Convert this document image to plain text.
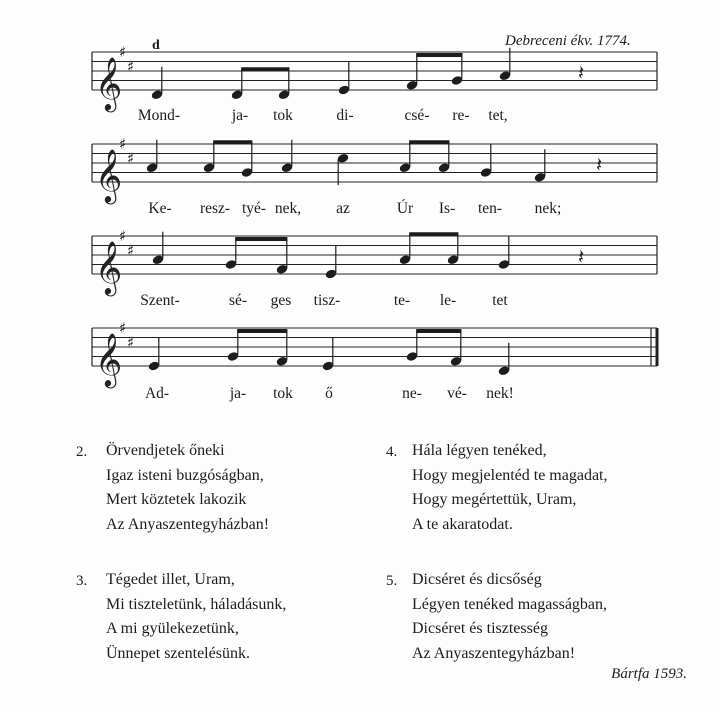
Debreceni ékv. 1774.
d
𝄞
♯
♯	𝄽
𝄞
♯
♯	𝄽
𝄞
♯
♯	𝄽
𝄞
♯
♯
Mond-	ja- tok	di-	csé- re- tet,
Ke- resz- tyé- nek, az	Úr Is- ten- nek;
Szent-	sé- ges tisz-	te- le- tet
Ad-	ja- tok ő	ne- vé- nek!
2. Örvendjetek őneki
Igaz isteni buzgóságban,
Mert köztetek lakozik
Az Anyaszentegyházban!
4. Hála légyen tenéked,
Hogy megjelentéd te magadat,
Hogy megértettük, Uram,
A te akaratodat.
3. Tégedet illet, Uram,
Mi tiszteletünk, háladásunk,
A mi gyülekezetünk,
Ünnepet szentelésünk.
5. Dicséret és dicsőség
Légyen tenéked magasságban,
Dicséret és tisztesség
Az Anyaszentegyházban!
Bártfa 1593.
